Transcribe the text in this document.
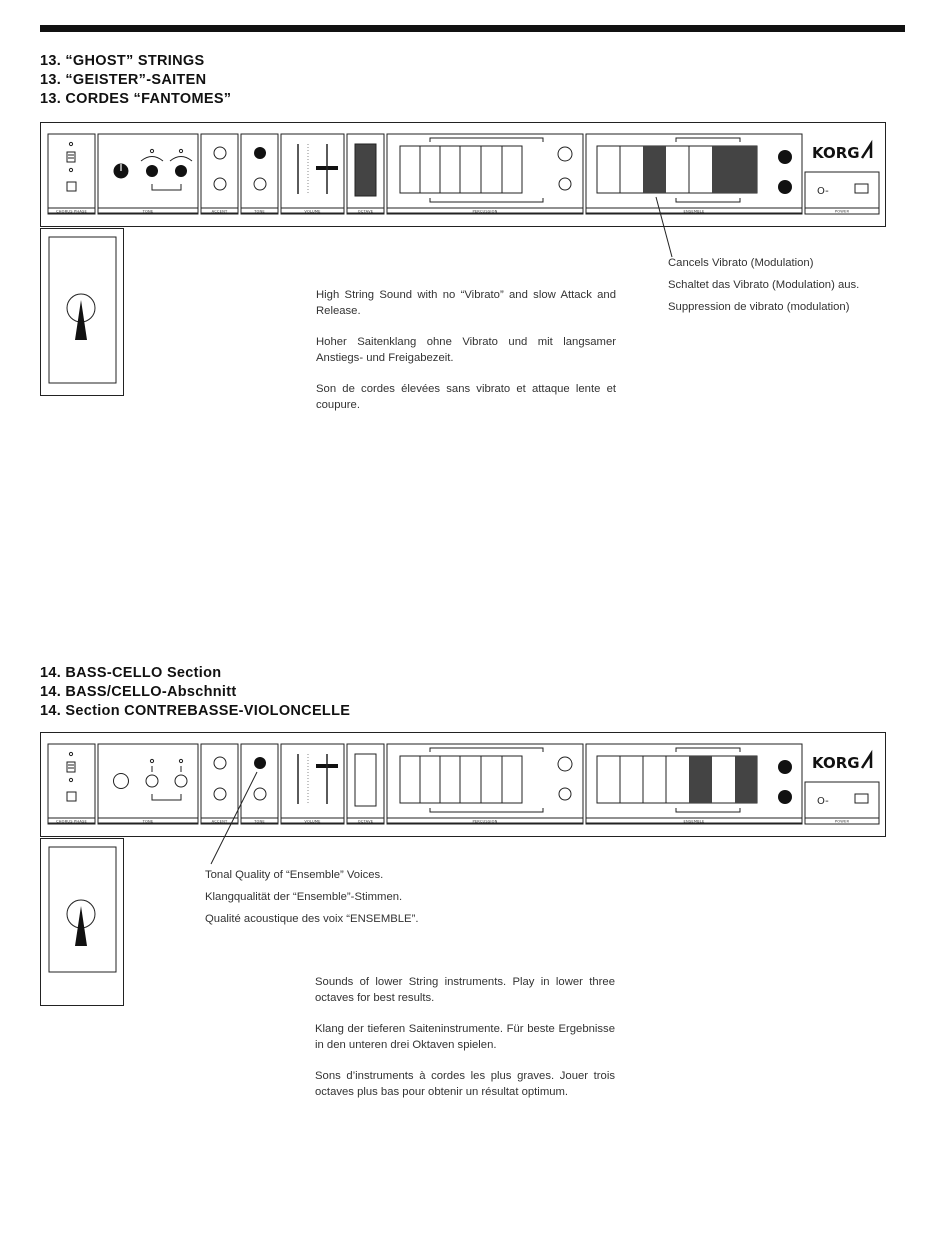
13. “GHOST” STRINGS
13. “GEISTER”-SAITEN
13. CORDES “FANTOMES”
CHORUS PHASE	TONE	ACCENT	TONE	VOLUME	OCTAVE	PERCUSSION	ENSEMBLE
KORG
O-
POWER

High String Sound with no “Vibrato” and slow Attack and Release.

Hoher Saitenklang ohne Vibrato und mit langsamer Anstiegs- und Freigabezeit.

Son de cordes élevées sans vibrato et attaque lente et coupure.

Cancels Vibrato (Modulation)
Schaltet das Vibrato (Modulation) aus.
Suppression de vibrato (modulation)
14. BASS-CELLO Section
14. BASS/CELLO-Abschnitt
14. Section CONTREBASSE-VIOLONCELLE
CHORUS PHASE	TONE	ACCENT	TONE	VOLUME	OCTAVE	PERCUSSION	ENSEMBLE
KORG
O-
POWER
Tonal Quality of “Ensemble” Voices.
Klangqualität der “Ensemble”-Stimmen.
Qualité acoustique des voix “ENSEMBLE”.

Sounds of lower String instruments. Play in lower three octaves for best results.

Klang der tieferen Saiteninstrumente. Für beste Ergebnisse in den unteren drei Oktaven spielen.

Sons d’instruments à cordes les plus graves. Jouer trois octaves plus bas pour obtenir un résultat optimum.
